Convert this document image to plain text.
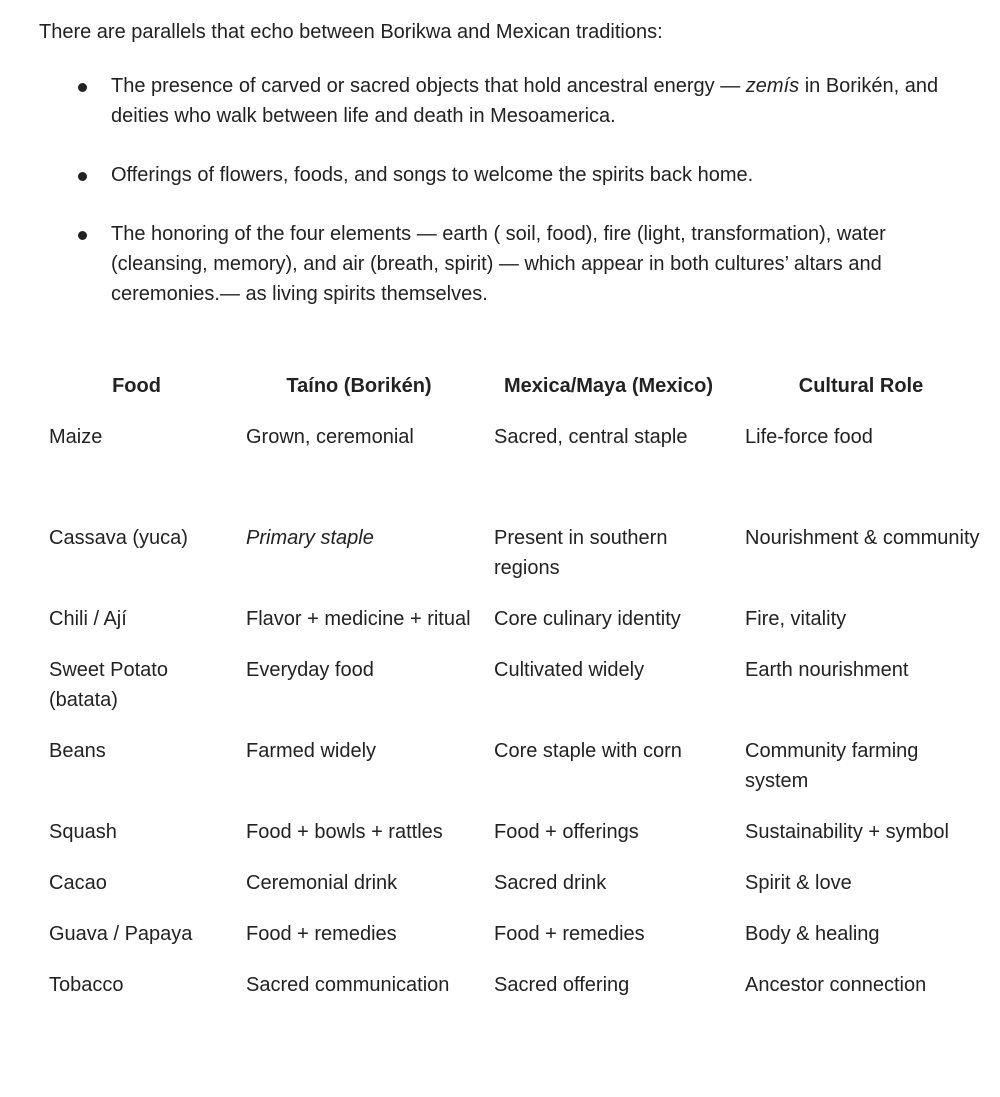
There are parallels that echo between Borikwa and Mexican traditions:

The presence of carved or sacred objects that hold ancestral energy — zemís in Borikén, and deities who walk between life and death in Mesoamerica.
Offerings of flowers, foods, and songs to welcome the spirits back home.
The honoring of the four elements — earth ( soil, food), fire (light, transformation), water (cleansing, memory), and air (breath, spirit) — which appear in both cultures’ altars and ceremonies.— as living spirits themselves.
Food	Taíno (Borikén)	Mexica/Maya (Mexico)	Cultural Role
Maize	Grown, ceremonial	Sacred, central staple	Life-force food
Cassava (yuca)	Primary staple	Present in southern regions	Nourishment & community
Chili / Ají	Flavor + medicine + ritual	Core culinary identity	Fire, vitality
Sweet Potato (batata)	Everyday food	Cultivated widely	Earth nourishment
Beans	Farmed widely	Core staple with corn	Community farming system
Squash	Food + bowls + rattles	Food + offerings	Sustainability + symbol
Cacao	Ceremonial drink	Sacred drink	Spirit & love
Guava / Papaya	Food + remedies	Food + remedies	Body & healing
Tobacco	Sacred communication	Sacred offering	Ancestor connection
